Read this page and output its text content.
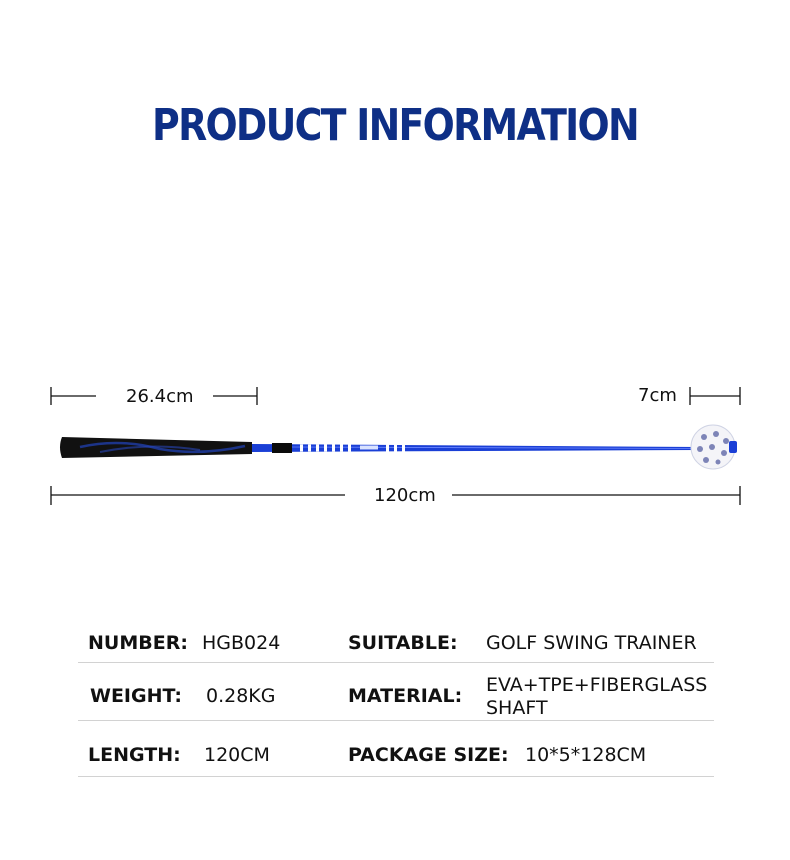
PRODUCT INFORMATION
26.4cm	7cm
120cm
NUMBER: HGB024	SUITABLE: GOLF SWING TRAINER
WEIGHT: 0.28KG	MATERIAL: EVA+TPE+FIBERGLASS
SHAFT
LENGTH: 120CM	PACKAGE SIZE: 10*5*128CM
